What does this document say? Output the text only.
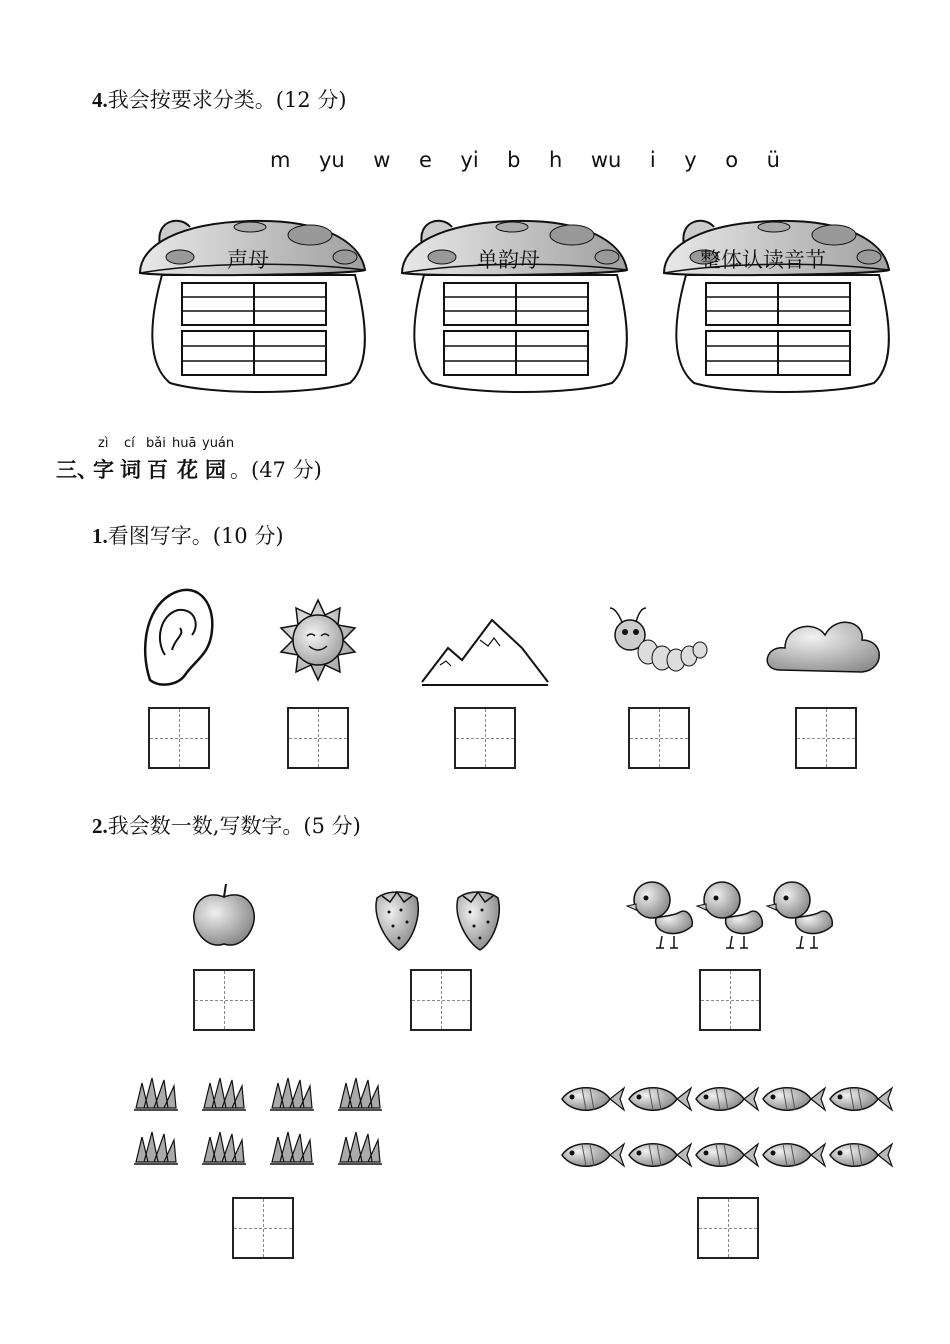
4.我会按要求分类。(12 分)
m yu w e yi b h wu i y o ü
声母	单韵母	整体认读音节
三、
zì cí bǎi huā yuán
字 词 百 花 园 。(47 分)
1.看图写字。(10 分)
2.我会数一数,写数字。(5 分)
